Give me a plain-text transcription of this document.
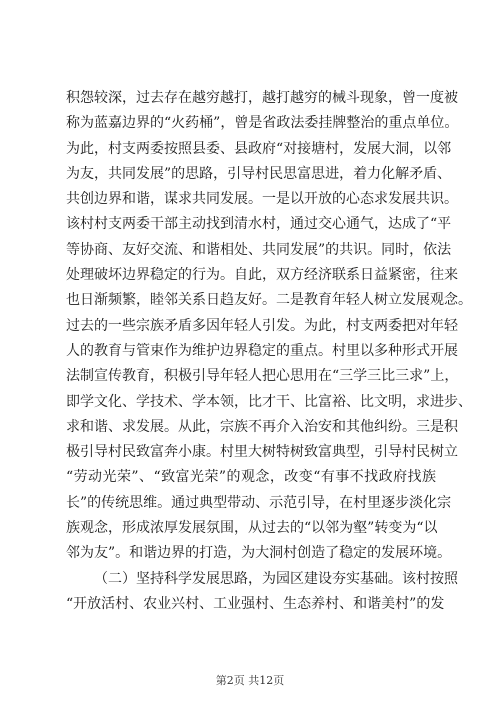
积怨较深，过去存在越穷越打，越打越穷的械斗现象，曾一度被
称为蓝嘉边界的“火药桶”，曾是省政法委挂牌整治的重点单位。
为此，村支两委按照县委、县政府“对接塘村，发展大洞，以邻
为友，共同发展”的思路，引导村民思富思进，着力化解矛盾、
共创边界和谐，谋求共同发展。一是以开放的心态求发展共识。
该村村支两委干部主动找到清水村，通过交心通气，达成了“平
等协商、友好交流、和谐相处、共同发展”的共识。同时，依法
处理破坏边界稳定的行为。自此，双方经济联系日益紧密，往来
也日渐频繁，睦邻关系日趋友好。二是教育年轻人树立发展观念。
过去的一些宗族矛盾多因年轻人引发。为此，村支两委把对年轻
人的教育与管束作为维护边界稳定的重点。村里以多种形式开展
法制宣传教育，积极引导年轻人把心思用在“三学三比三求”上，
即学文化、学技术、学本领，比才干、比富裕、比文明，求进步、
求和谐、求发展。从此，宗族不再介入治安和其他纠纷。三是积
极引导村民致富奔小康。村里大树特树致富典型，引导村民树立
“劳动光荣”、“致富光荣”的观念，改变“有事不找政府找族
长”的传统思维。通过典型带动、示范引导，在村里逐步淡化宗
族观念，形成浓厚发展氛围，从过去的“以邻为壑”转变为“以
邻为友”。和谐边界的打造，为大洞村创造了稳定的发展环境。
（二）坚持科学发展思路，为园区建设夯实基础。该村按照
“开放活村、农业兴村、工业强村、生态养村、和谐美村”的发
第2页 共12页
